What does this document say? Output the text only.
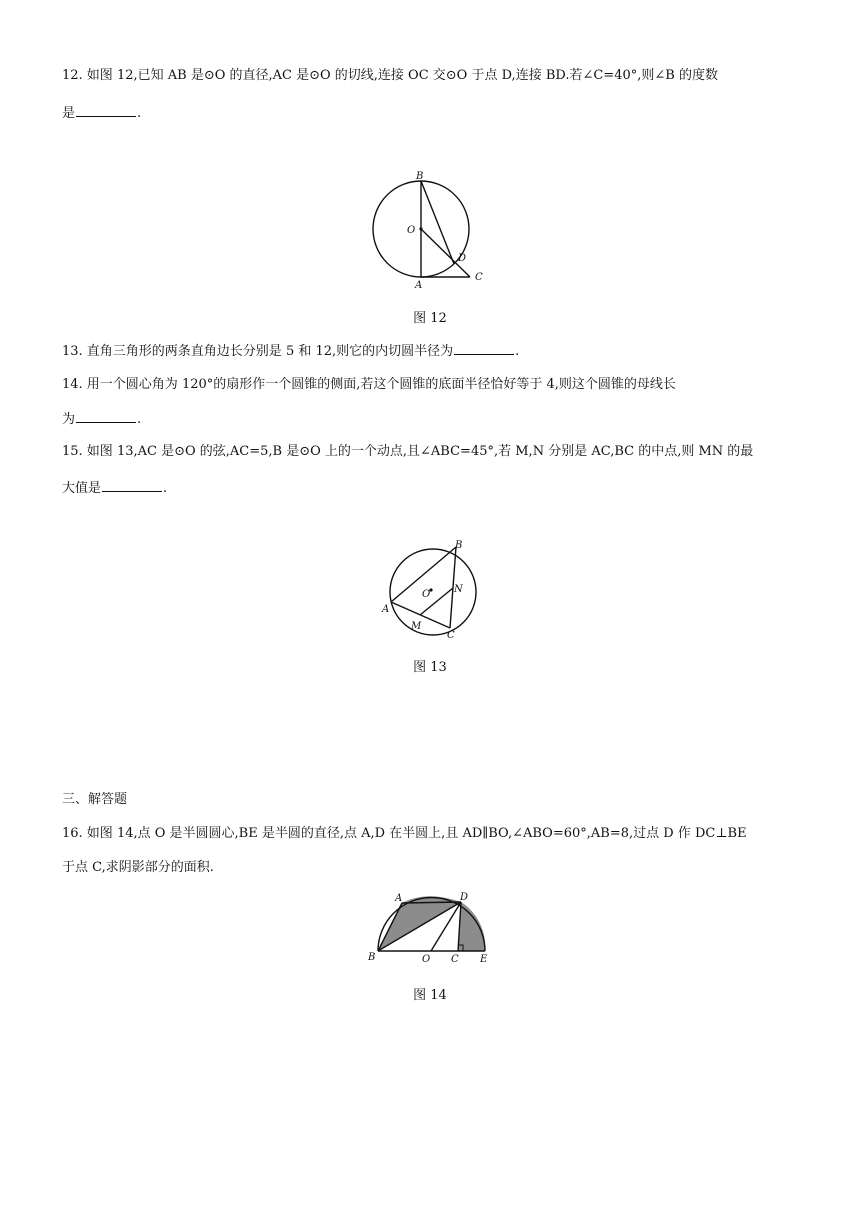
12. 如图 12,已知 AB 是⊙O 的直径,AC 是⊙O 的切线,连接 OC 交⊙O 于点 D,连接 BD.若∠C=40°,则∠B 的度数
是	.
B
O
D
A
C
图 12
13. 直角三角形的两条直角边长分别是 5 和 12,则它的内切圆半径为	.
14. 用一个圆心角为 120°的扇形作一个圆锥的侧面,若这个圆锥的底面半径恰好等于 4,则这个圆锥的母线长
为	.
15. 如图 13,AC 是⊙O 的弦,AC=5,B 是⊙O 上的一个动点,且∠ABC=45°,若 M,N 分别是 AC,BC 的中点,则 MN 的最
大值是	.
B
O N
A
M
C
图 13
三、解答题
16. 如图 14,点 O 是半圆圆心,BE 是半圆的直径,点 A,D 在半圆上,且 AD∥BO,∠ABO=60°,AB=8,过点 D 作 DC⊥BE
于点 C,求阴影部分的面积.
A	D
B	O C E
图 14
